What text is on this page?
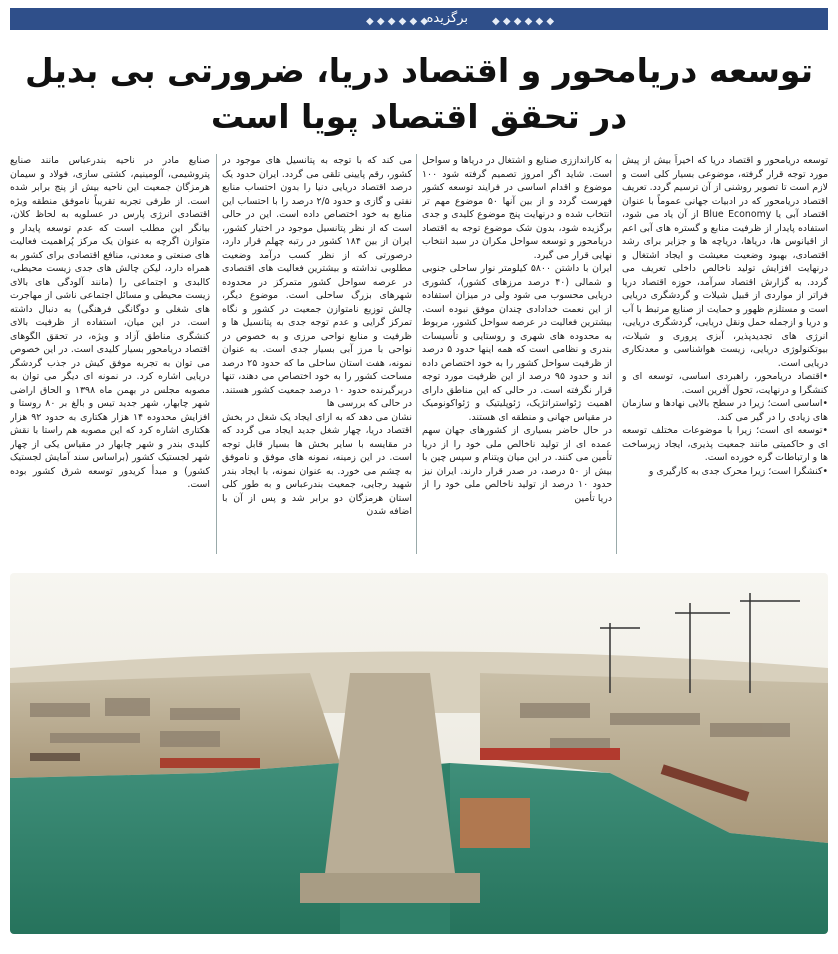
◆ ◆ ◆ ◆ ◆ ◆
برگزیده ◆ ◆ ◆ ◆ ◆ ◆
توسعه دریامحور و اقتصاد دریا، ضرورتی بی بدیل
در تحقق اقتصاد پویا است

توسعه دریامحور و اقتصاد دریا که اخیراً بیش از پیش مورد توجه قرار گرفته، موضوعی بسیار کلی است و لازم است تا تصویر روشنی از آن ترسیم گردد. تعریف اقتصاد دریامحور که در ادبیات جهانی عموماً با عنوان اقتصاد آبی یا Blue Economy از آن یاد می شود، استفاده پایدار از ظرفیت منابع و گستره های آبی اعم از اقیانوس ها، دریاها، دریاچه ها و جزایر برای رشد اقتصادی، بهبود وضعیت معیشت و ایجاد اشتغال و درنهایت افزایش تولید ناخالص داخلی تعریف می گردد. به گزارش اقتصاد سرآمد، حوزه اقتصاد دریا فراتر از مواردی از قبیل شیلات و گردشگری دریایی است و مستلزم ظهور و حمایت از صنایع مرتبط با آب و دریا و ازجمله حمل ونقل دریایی، گردشگری دریایی، انرژی های تجدیدپذیر، آبزی پروری و شیلات، بیوتکنولوژی دریایی، زیست هواشناسی و معدنکاری دریایی است.

•اقتصاد دریامحور، راهبردی اساسی، توسعه ای و کنشگرا و درنهایت، تحول آفرین است.

•اساسی است؛ زیرا در سطح بالایی نهادها و سازمان های زیادی را در گیر می کند.

•توسعه ای است؛ زیرا با موضوعات مختلف توسعه ای و حاکمیتی مانند جمعیت پذیری، ایجاد زیرساخت ها و ارتباطات گره خورده است.

•کنشگرا است؛ زیرا محرک جدی به کارگیری و

به کارانداززی صنایع و اشتغال در دریاها و سواحل است. شاید اگر امروز تصمیم گرفته شود ۱۰۰ موضوع و اقدام اساسی در فرایند توسعه کشور فهرست گردد و از بین آنها ۵۰ موضوع مهم تر انتخاب شده و درنهایت پنج موضوع کلیدی و جدی برگزیده شود، بدون شک موضوع توجه به اقتصاد دریامحور و توسعه سواحل مکران در سبد انتخاب نهایی قرار می گیرد.

ایران با داشتن ۵۸۰۰ کیلومتر نوار ساحلی جنوبی و شمالی (۴۰ درصد مرزهای کشور)، کشوری دریایی محسوب می شود ولی در میزان استفاده از این نعمت خدادادی چندان موفق نبوده است. بیشترین فعالیت در عرصه سواحل کشور، مربوط به محدوده های شهری و روستایی و تأسیسات بندری و نظامی است که همه اینها حدود ۵ درصد از ظرفیت سواحل کشور را به خود اختصاص داده اند و حدود ۹۵ درصد از این ظرفیت مورد توجه قرار نگرفته است. در حالی که این مناطق دارای اهمیت ژئواستراتژیک، ژئوپلیتیک و ژئواکونومیک در مقیاس جهانی و منطقه ای هستند.

در حال حاضر بسیاری از کشورهای جهان سهم عمده ای از تولید ناخالص ملی خود را از دریا تأمین می کنند. در این میان ویتنام و سپس چین با بیش از ۵۰ درصد، در صدر قرار دارند. ایران نیز حدود ۱۰ درصد از تولید ناخالص ملی خود را از دریا تأمین

می کند که با توجه به پتانسیل های موجود در کشور، رقم پایینی تلقی می گردد. ایران حدود یک درصد اقتصاد دریایی دنیا را بدون احتساب منابع نفتی و گازی و حدود ۲/۵ درصد را با احتساب این منابع به خود اختصاص داده است. این در حالی است که از نظر پتانسیل موجود در اختیار کشور، ایران از بین ۱۸۴ کشور در رتبه چهلم قرار دارد، درصورتی که از نظر کسب درآمد وضعیت مطلوبی نداشته و بیشترین فعالیت های اقتصادی در عرصه سواحل کشور متمرکز در محدوده شهرهای بزرگ ساحلی است. موضوع دیگر، چالش توزیع نامتوازن جمعیت در کشور و نگاه تمرکز گرایی و عدم توجه جدی به پتانسیل ها و ظرفیت و منابع نواحی مرزی و به خصوص در نواحی با مرز آبی بسیار جدی است. به عنوان نمونه، هفت استان ساحلی ما که حدود ۲۵ درصد مساحت کشور را به خود اختصاص می دهند، تنها دربرگیرنده حدود ۱۰ درصد جمعیت کشور هستند. در حالی که بررسی ها

نشان می دهد که به ازای ایجاد یک شغل در بخش اقتصاد دریا، چهار شغل جدید ایجاد می گردد که در مقایسه با سایر بخش ها بسیار قابل توجه است. در این زمینه، نمونه های موفق و ناموفق به چشم می خورد. به عنوان نمونه، با ایجاد بندر شهید رجایی، جمعیت بندرعباس و به طور کلی استان هرمزگان دو برابر شد و پس از آن با اضافه شدن

صنایع مادر در ناحیه بندرعباس مانند صنایع پتروشیمی، آلومینیم، کشتی سازی، فولاد و سیمان هرمزگان جمعیت این ناحیه بیش از پنج برابر شده است. از طرفی تجربه تقریباً ناموفق منطقه ویژه اقتصادی انرژی پارس در عسلویه به لحاظ کلان، بیانگر این مطلب است که عدم توسعه پایدار و متوازن اگرچه به عنوان یک مرکز پُراهمیت فعالیت های صنعتی و معدنی، منافع اقتصادی برای کشور به همراه دارد، لیکن چالش های جدی زیست محیطی، کالبدی و اجتماعی را (مانند آلودگی های بالای زیست محیطی و مسائل اجتماعی ناشی از مهاجرت های شغلی و دوگانگی فرهنگی) به دنبال داشته است. در این میان، استفاده از ظرفیت بالای کنشگری مناطق آزاد و ویژه، در تحقق الگوهای اقتصاد دریامحور بسیار کلیدی است. در این خصوص می توان به تجربه موفق کیش در جذب گردشگر دریایی اشاره کرد. در نمونه ای دیگر می توان به مصوبه مجلس در بهمن ماه ۱۳۹۸ و الحاق اراضی شهر چابهار، شهر جدید تیس و بالغ بر ۸۰ روستا و افزایش محدوده ۱۴ هزار هکتاری به حدود ۹۲ هزار هکتاری اشاره کرد که این مصوبه هم راستا با نقش کلیدی بندر و شهر چابهار در مقیاس یکی از چهار شهر لجستیک کشور (براساس سند آمایش لجستیک کشور) و مبدأ کریدور توسعه شرق کشور بوده است.
